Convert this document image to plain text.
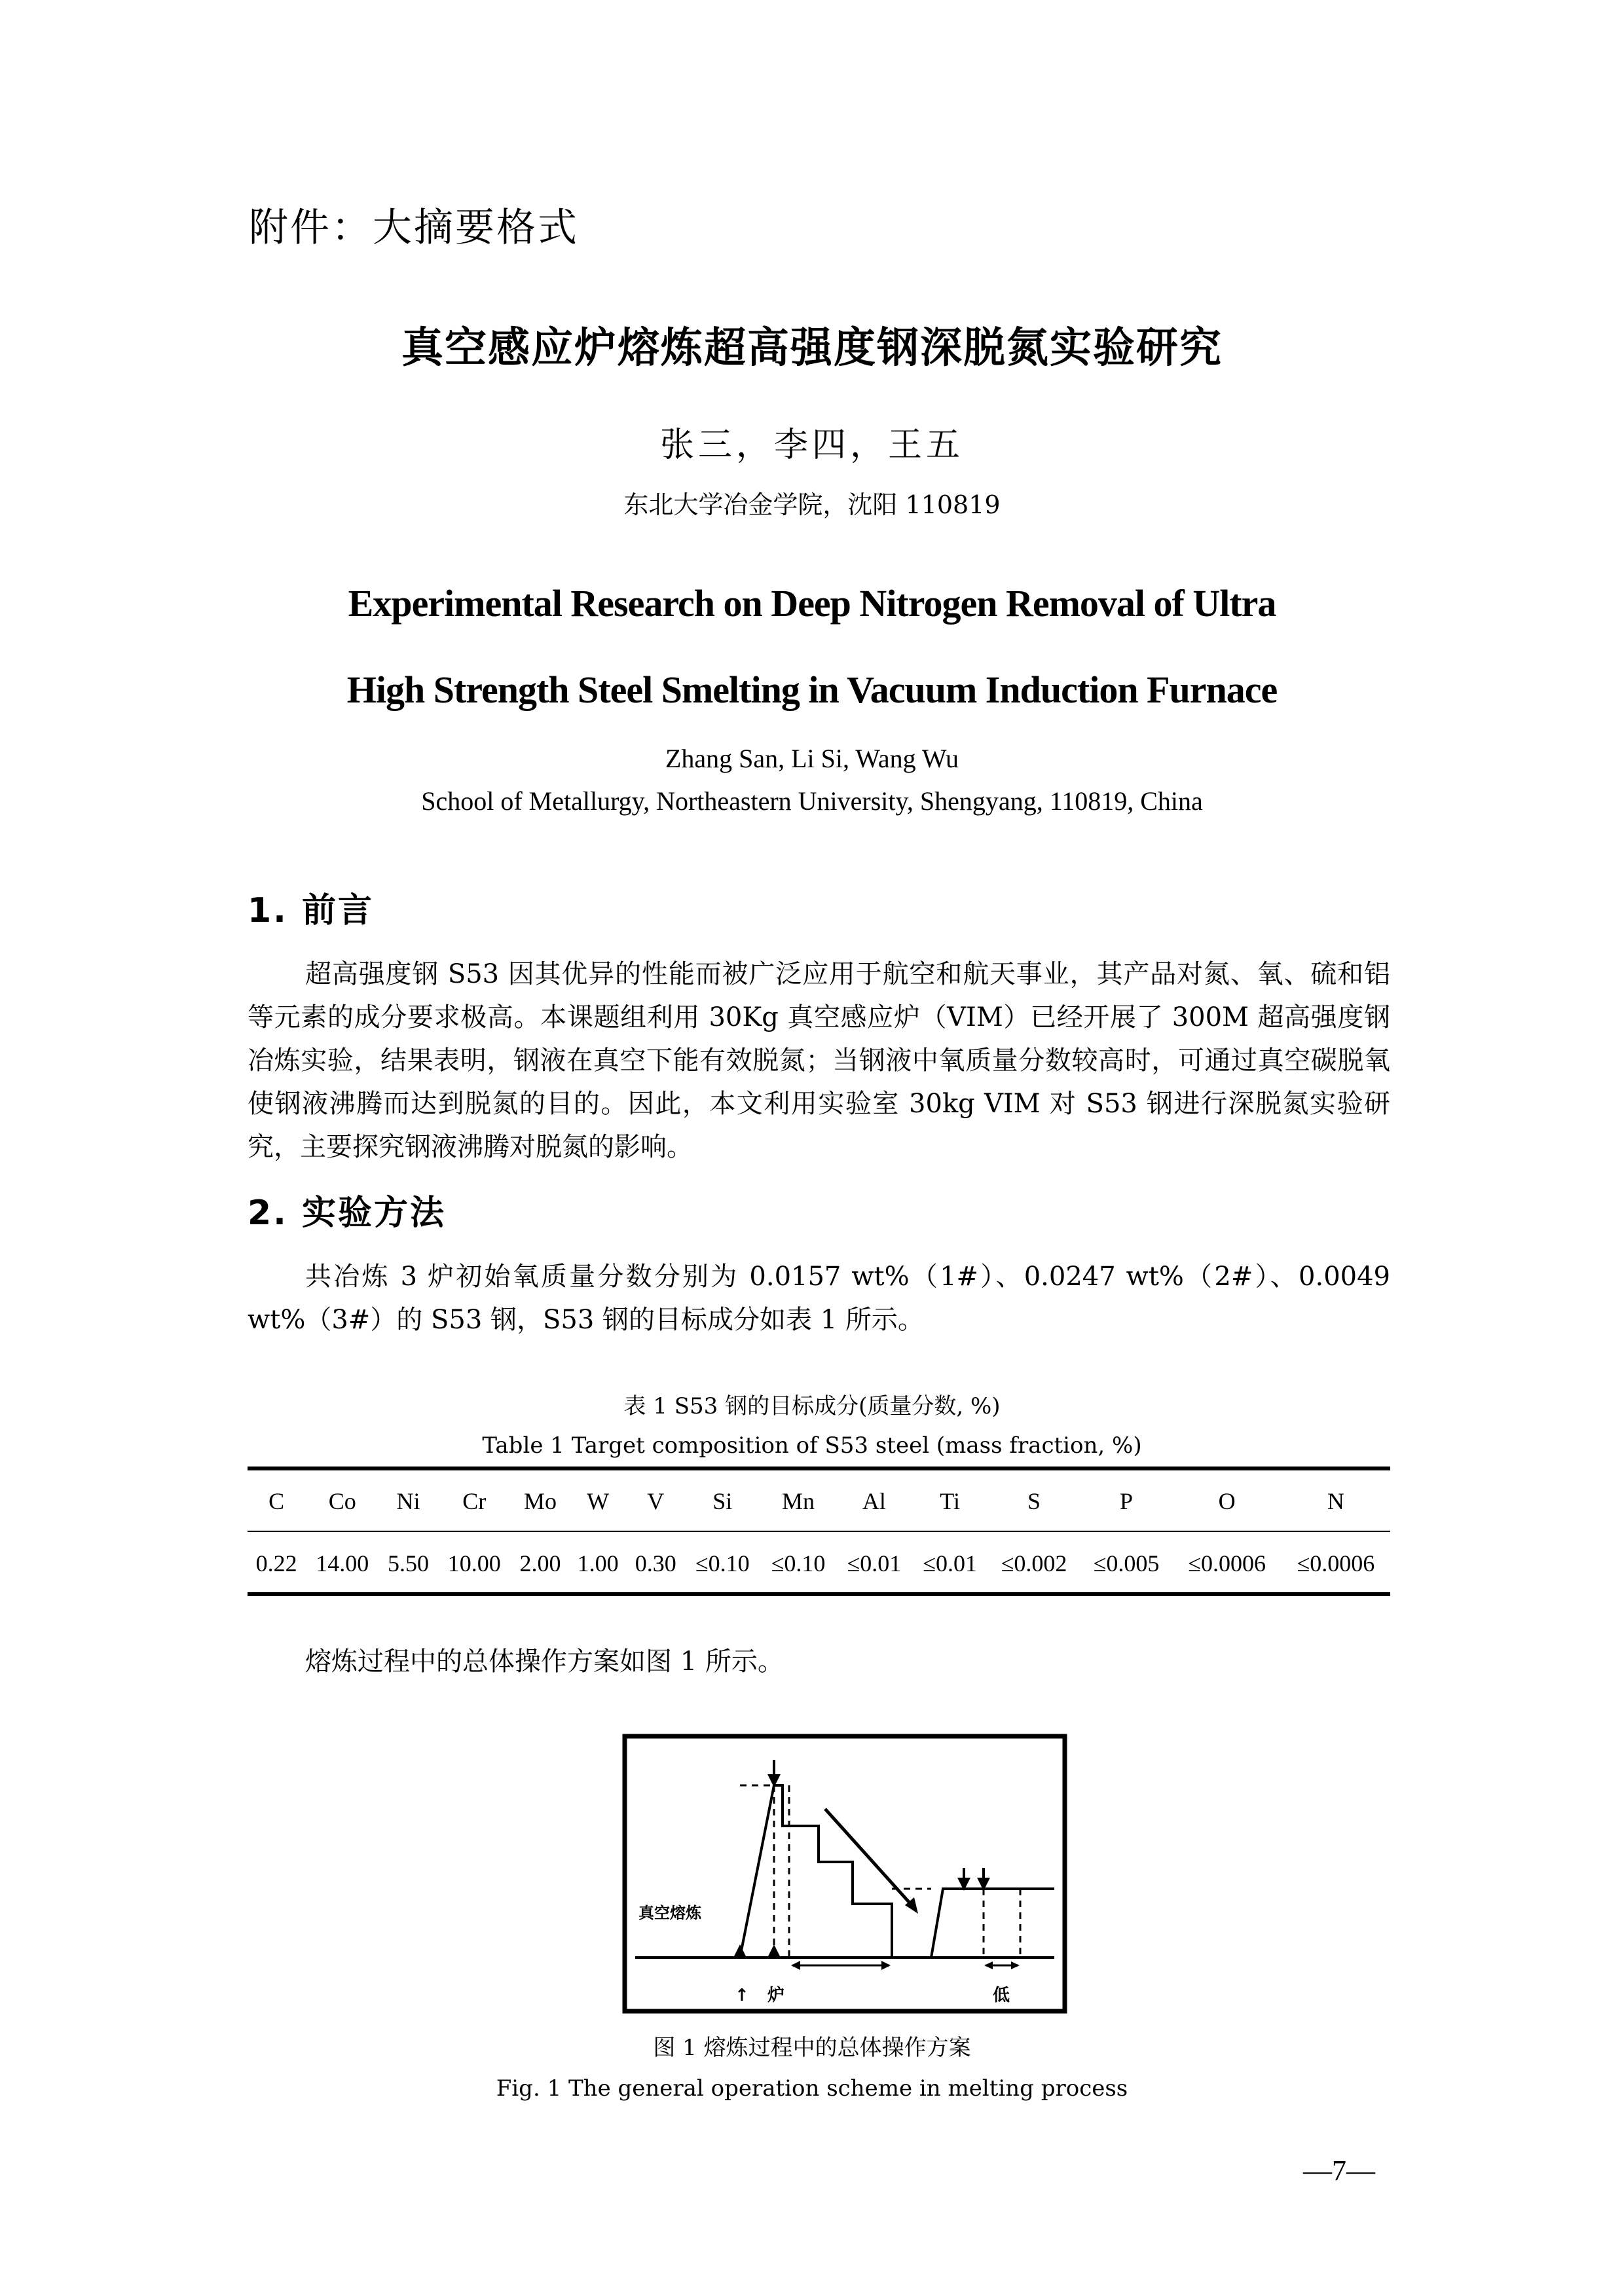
附件：大摘要格式
真空感应炉熔炼超高强度钢深脱氮实验研究
张三，李四，王五
东北大学冶金学院，沈阳 110819
Experimental Research on Deep Nitrogen Removal of Ultra
High Strength Steel Smelting in Vacuum Induction Furnace
Zhang San, Li Si, Wang Wu
School of Metallurgy, Northeastern University, Shengyang, 110819, China
1. 前言
超高强度钢 S53 因其优异的性能而被广泛应用于航空和航天事业，其产品对氮、氧、硫和铝等元素的成分要求极高。本课题组利用 30Kg 真空感应炉（VIM）已经开展了 300M 超高强度钢冶炼实验，结果表明，钢液在真空下能有效脱氮；当钢液中氧质量分数较高时，可通过真空碳脱氧使钢液沸腾而达到脱氮的目的。因此，本文利用实验室 30kg VIM 对 S53 钢进行深脱氮实验研究，主要探究钢液沸腾对脱氮的影响。
2. 实验方法
共冶炼 3 炉初始氧质量分数分别为 0.0157 wt%（1#）、0.0247 wt%（2#）、0.0049 wt%（3#）的 S53 钢，S53 钢的目标成分如表 1 所示。
表 1 S53 钢的目标成分(质量分数, %)
Table 1 Target composition of S53 steel (mass fraction, %)
C	Co	Ni	Cr	Mo	W	V	Si	Mn	Al	Ti	S	P	O	N
0.22	14.00	5.50	10.00	2.00	1.00	0.30	≤0.10	≤0.10	≤0.01	≤0.01	≤0.002	≤0.005	≤0.0006	≤0.0006
熔炼过程中的总体操作方案如图 1 所示。
真空熔炼
↑ 炉	低
图 1 熔炼过程中的总体操作方案
Fig. 1 The general operation scheme in melting process
—7—
